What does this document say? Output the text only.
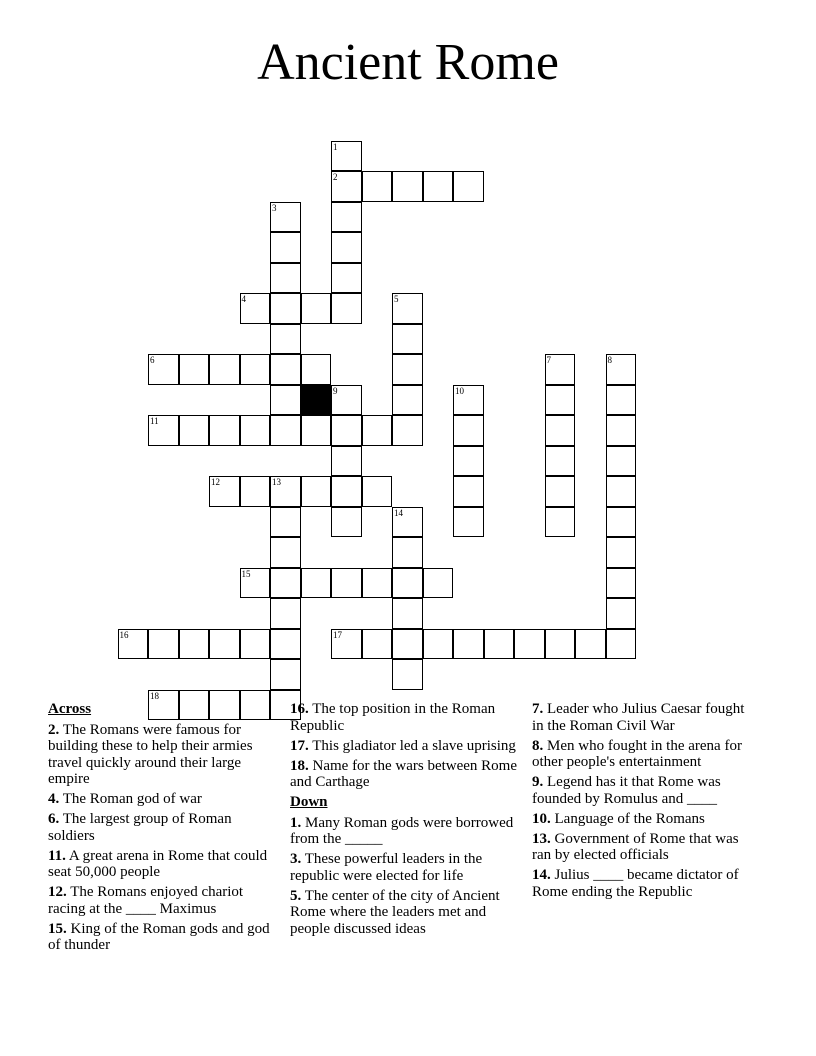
Ancient Rome
1
2
3
4	5
6	7	8
9	10
11
12	13
14
15
16	17
18
Across
2. The Romans were famous for building these to help their armies travel quickly around their large empire
4. The Roman god of war
6. The largest group of Roman soldiers
11. A great arena in Rome that could seat 50,000 people
12. The Romans enjoyed chariot racing at the ____ Maximus
15. King of the Roman gods and god of thunder
16. The top position in the Roman Republic
17. This gladiator led a slave uprising
18. Name for the wars between Rome and Carthage
Down
1. Many Roman gods were borrowed from the _____
3. These powerful leaders in the republic were elected for life
5. The center of the city of Ancient Rome where the leaders met and people discussed ideas
7. Leader who Julius Caesar fought in the Roman Civil War
8. Men who fought in the arena for other people's entertainment
9. Legend has it that Rome was founded by Romulus and ____
10. Language of the Romans
13. Government of Rome that was ran by elected officials
14. Julius ____ became dictator of Rome ending the Republic
